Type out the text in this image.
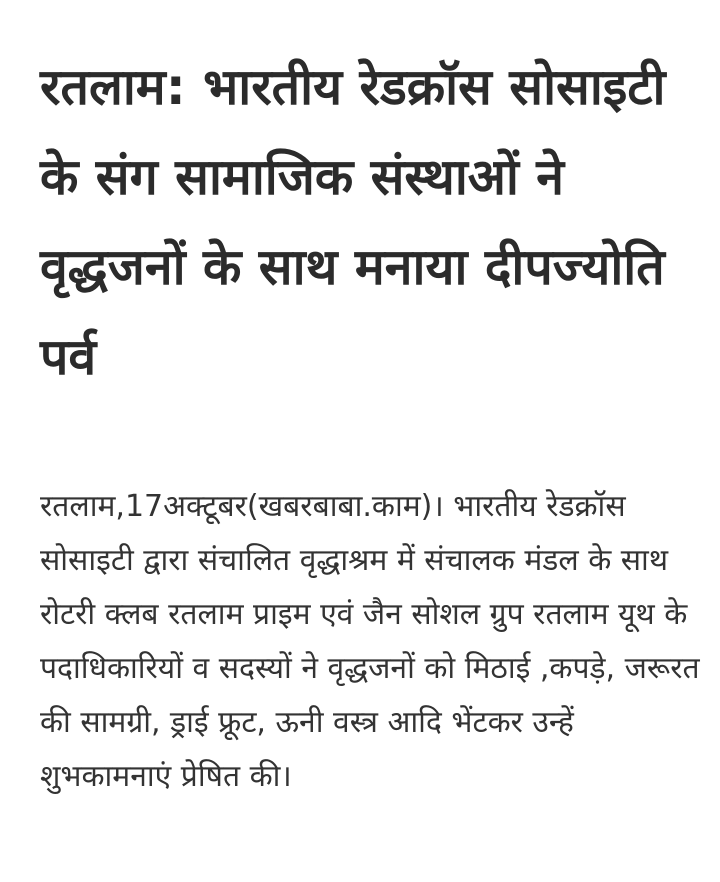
रतलाम: भारतीय रेडक्रॉस सोसाइटी के संग सामाजिक संस्थाओं ने वृद्धजनों के साथ मनाया दीपज्योति पर्व

रतलाम,17अक्टूबर(खबरबाबा.काम)। भारतीय रेडक्रॉस सोसाइटी द्वारा संचालित वृद्धाश्रम में संचालक मंडल के साथ रोटरी क्लब रतलाम प्राइम एवं जैन सोशल ग्रुप रतलाम यूथ के पदाधिकारियों व सदस्यों ने वृद्धजनों को मिठाई ,कपड़े, जरूरत की सामग्री, ड्राई फ्रूट, ऊनी वस्त्र आदि भेंटकर उन्हें शुभकामनाएं प्रेषित की।
